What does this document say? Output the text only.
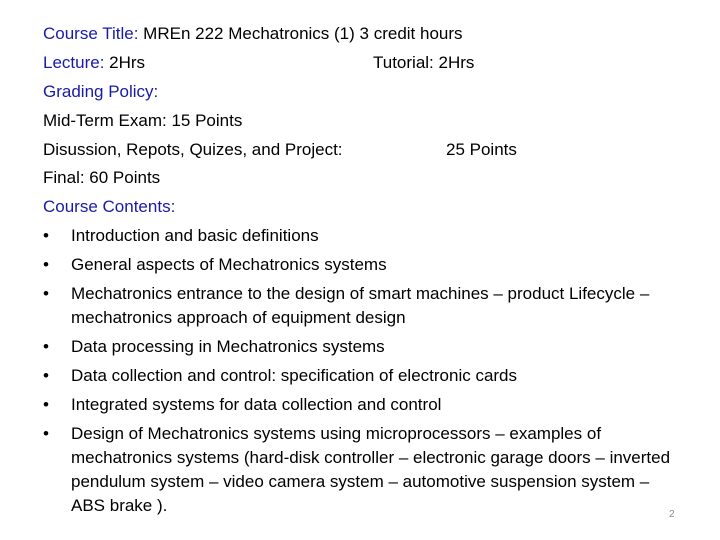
Course Title: MREn 222 Mechatronics (1) 3 credit hours
Lecture: 2Hrs	Tutorial: 2Hrs
Grading Policy:
Mid-Term Exam: 15 Points
Disussion, Repots, Quizes, and Project:	25 Points
Final: 60 Points
Course Contents:
•	Introduction and basic definitions
•	General aspects of Mechatronics systems
•	Mechatronics entrance to the design of smart machines – product Lifecycle – mechatronics approach of equipment design
•	Data processing in Mechatronics systems
•	Data collection and control: specification of electronic cards
•	Integrated systems for data collection and control
•	Design of Mechatronics systems using microprocessors – examples of mechatronics systems (hard-disk controller – electronic garage doors – inverted pendulum system – video camera system – automotive suspension system – ABS brake ).	2
